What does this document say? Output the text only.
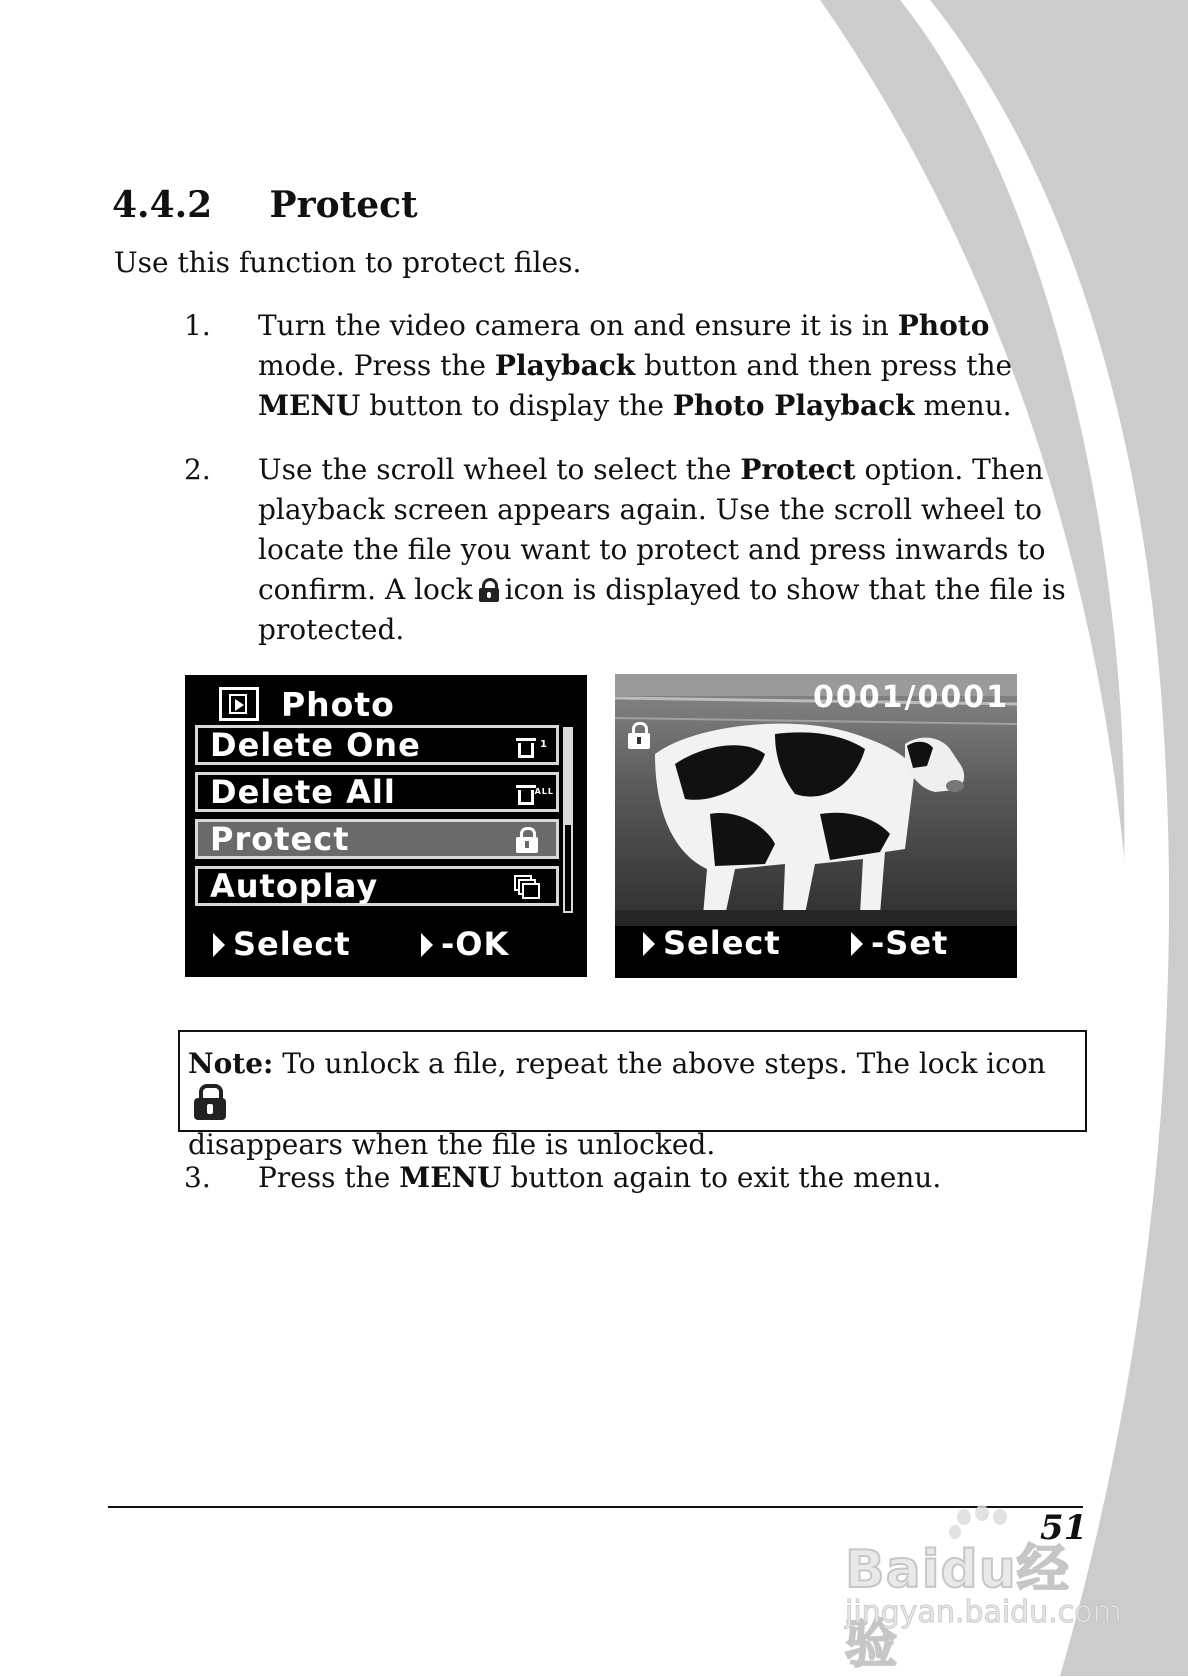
4.4.2 Protect
Use this function to protect files.
1. Turn the video camera on and ensure it is in Photo mode. Press the Playback button and then press the MENU button to display the Photo Playback menu.
2. Use the scroll wheel to select the Protect option. Then playback screen appears again. Use the scroll wheel to locate the file you want to protect and press inwards to confirm. A lock icon is displayed to show that the file is protected.
Photo
Delete One	1
Delete All	ALL
Protect
Autoplay
Select	-OK
0001/0001
Select	-Set
Note: To unlock a file, repeat the above steps. The lock icon

disappears when the file is unlocked.
3. Press the MENU button again to exit the menu.
51
Baidu经验
jingyan.baidu.com
